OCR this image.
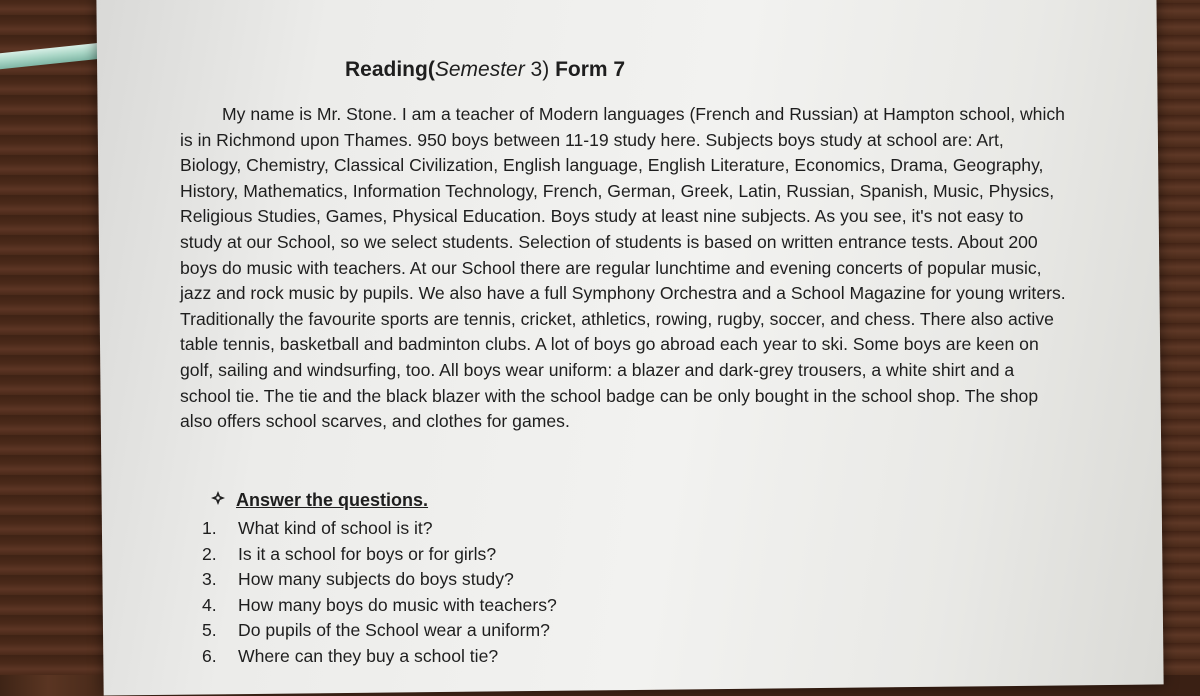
Reading(Semester 3) Form 7
My name is Mr. Stone. I am a teacher of Modern languages (French and Russian) at Hampton school, which
is in Richmond upon Thames. 950 boys between 11-19 study here. Subjects boys study at school are: Art,
Biology, Chemistry, Classical Civilization, English language, English Literature, Economics, Drama, Geography,
History, Mathematics, Information Technology, French, German, Greek, Latin, Russian, Spanish, Music, Physics,
Religious Studies, Games, Physical Education. Boys study at least nine subjects. As you see, it's not easy to
study at our School, so we select students. Selection of students is based on written entrance tests. About 200
boys do music with teachers. At our School there are regular lunchtime and evening concerts of popular music,
jazz and rock music by pupils. We also have a full Symphony Orchestra and a School Magazine for young writers.
Traditionally the favourite sports are tennis, cricket, athletics, rowing, rugby, soccer, and chess. There also active
table tennis, basketball and badminton clubs. A lot of boys go abroad each year to ski. Some boys are keen on
golf, sailing and windsurfing, too. All boys wear uniform: a blazer and dark-grey trousers, a white shirt and a
school tie. The tie and the black blazer with the school badge can be only bought in the school shop. The shop
also offers school scarves, and clothes for games.
Answer the questions.
1. What kind of school is it?
2. Is it a school for boys or for girls?
3. How many subjects do boys study?
4. How many boys do music with teachers?
5. Do pupils of the School wear a uniform?
6. Where can they buy a school tie?
